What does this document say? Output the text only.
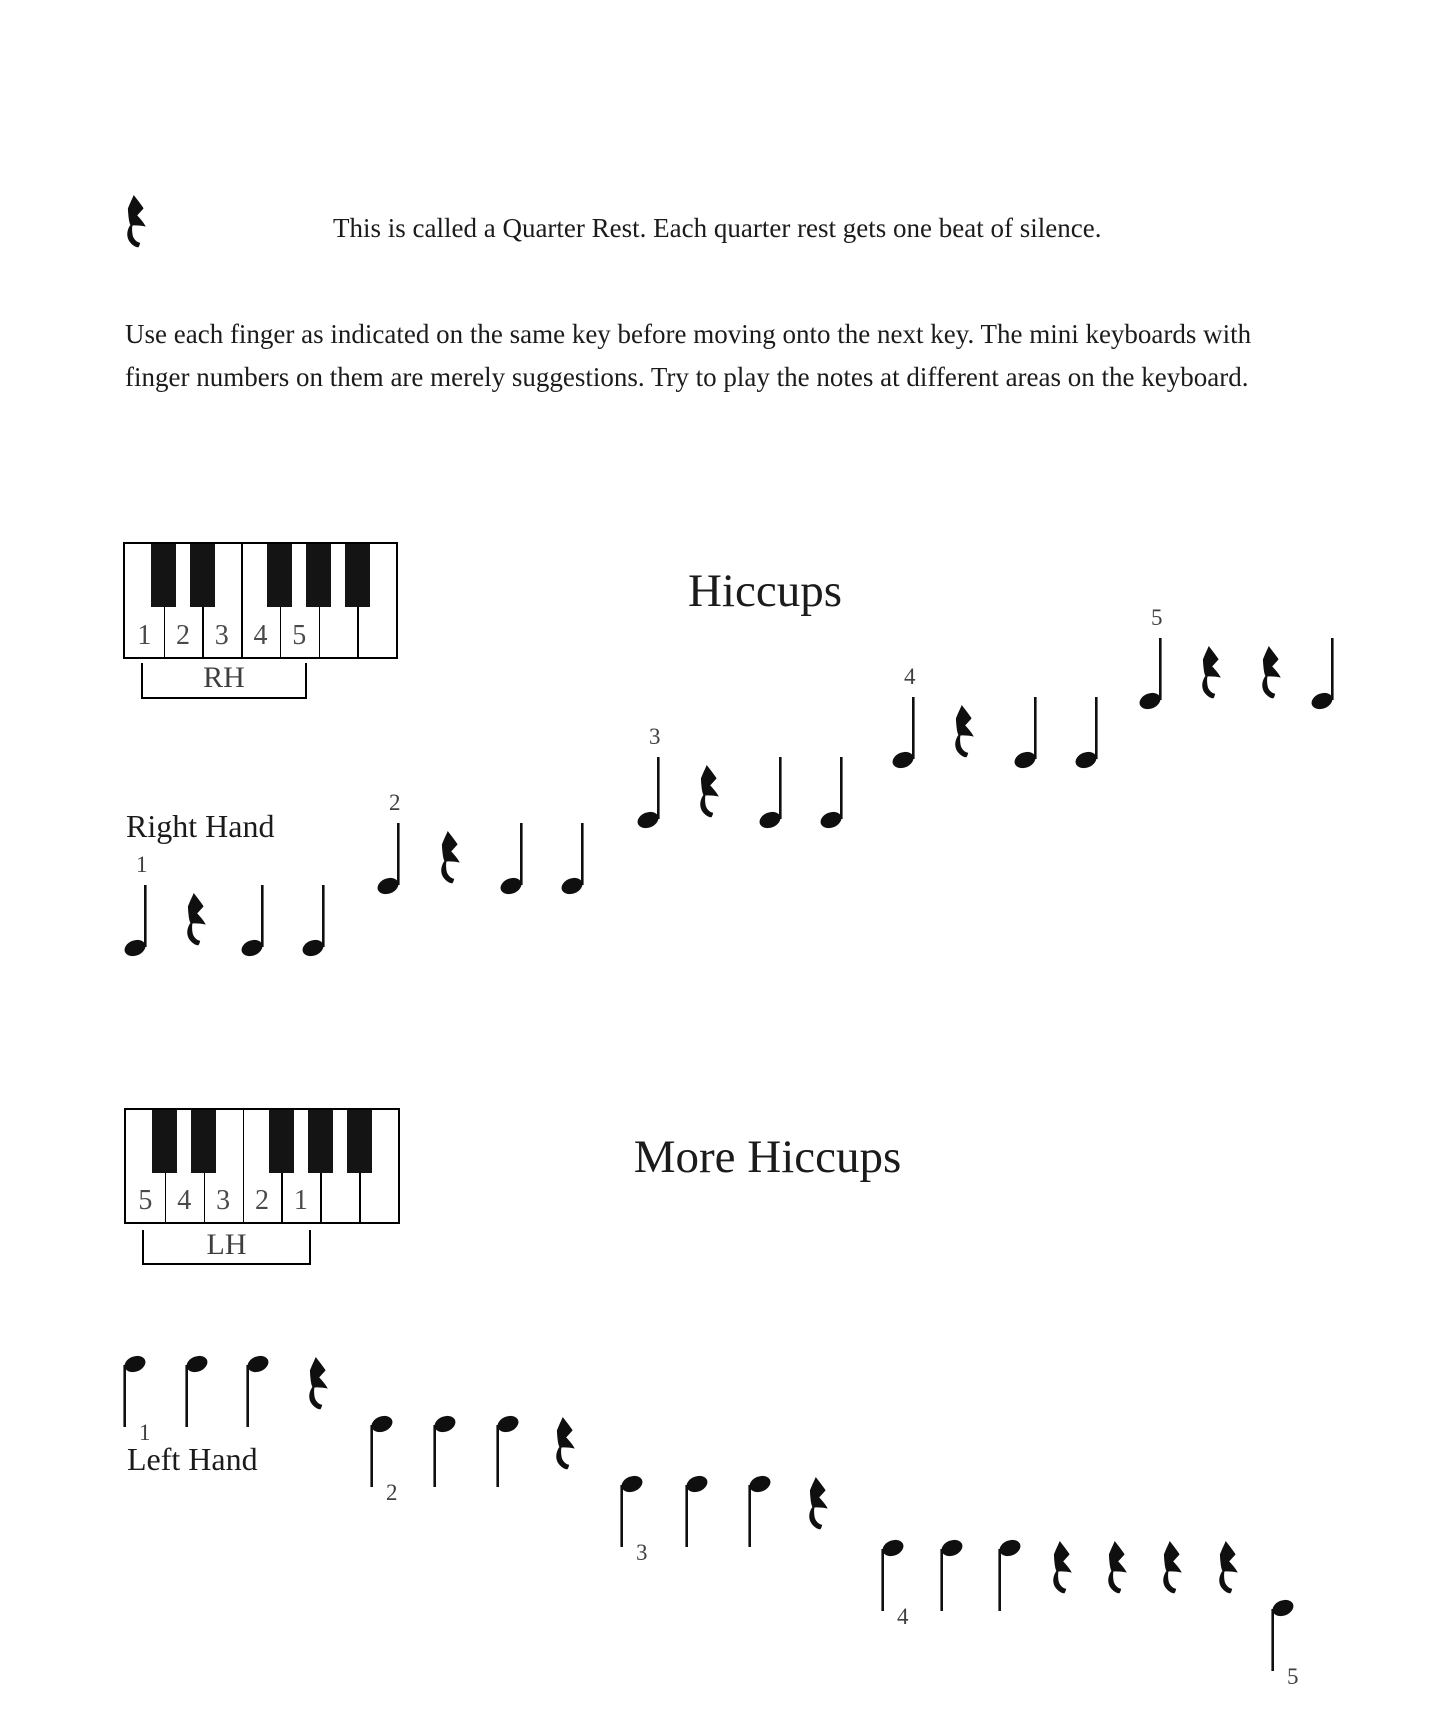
This is called a Quarter Rest. Each quarter rest gets one beat of silence.
Use each finger as indicated on the same key before moving onto the next key. The mini keyboards with
finger numbers on them are merely suggestions. Try to play the notes at different areas on the keyboard.
Hiccups
More Hiccups
Right Hand
Left Hand
1 2 3 4 5
RH
5 4 3 2 1
LH
1
2
3
4
5
1
2
3
4
5
